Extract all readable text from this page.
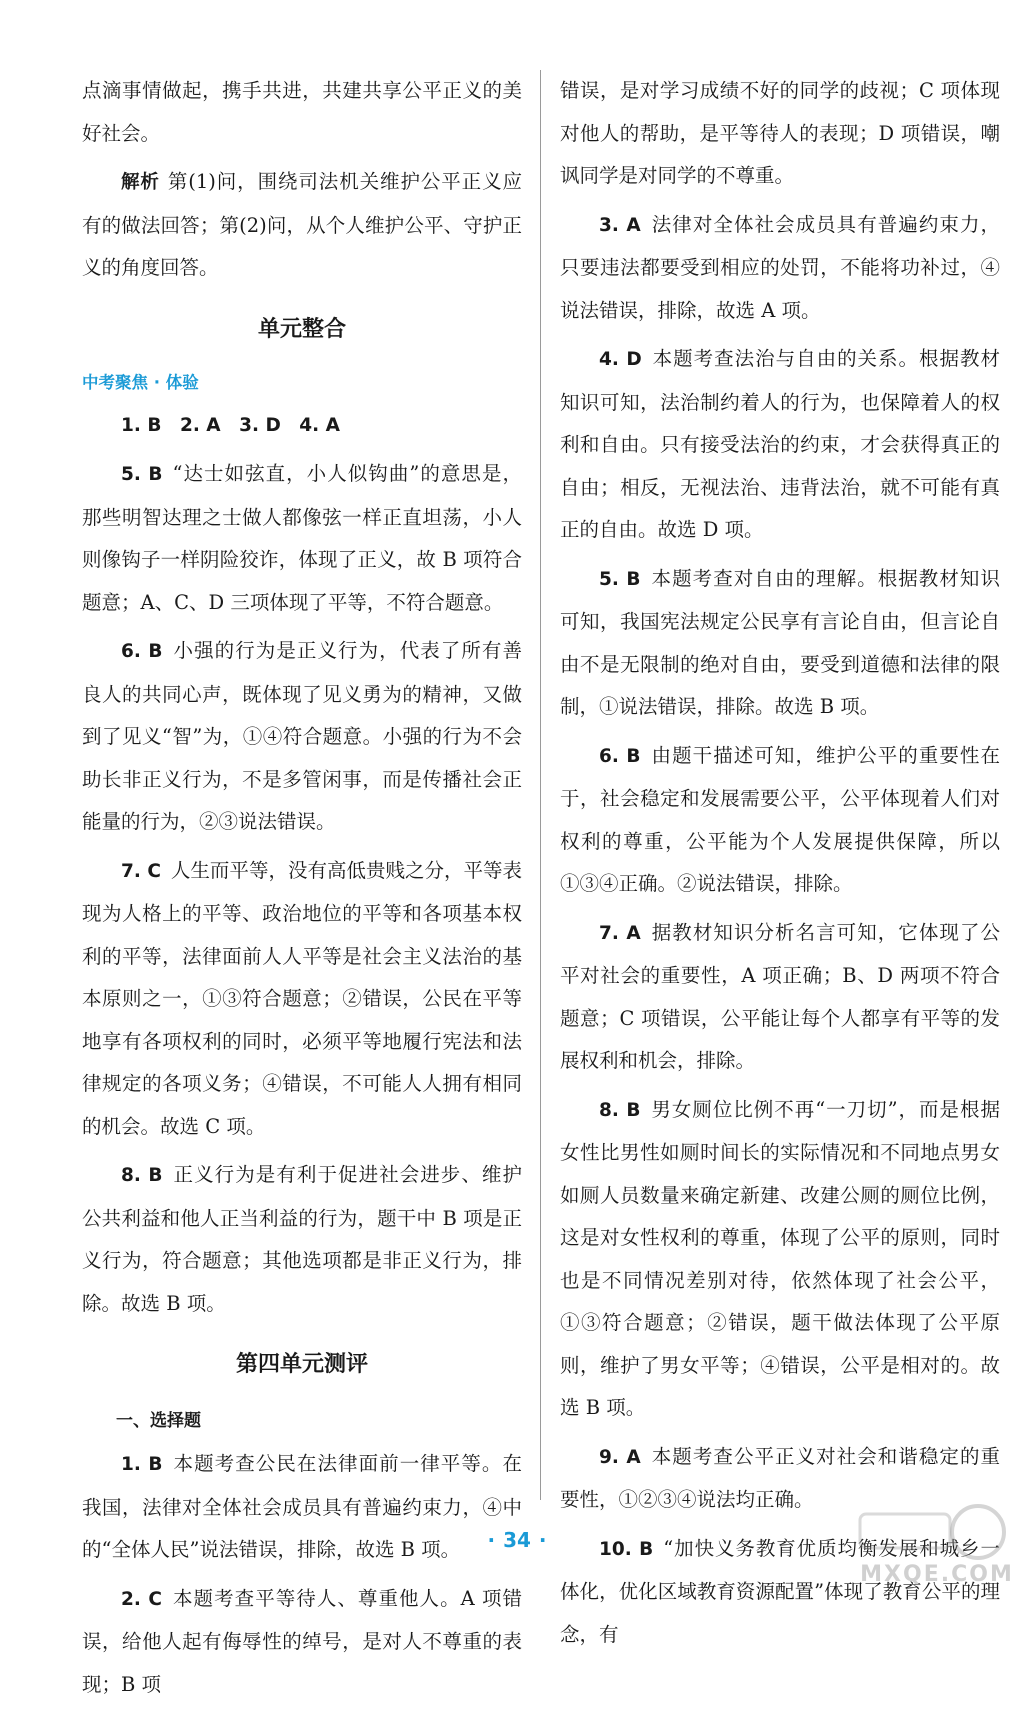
点滴事情做起，携手共进，共建共享公平正义的美好社会。

解析 第(1)问，围绕司法机关维护公平正义应有的做法回答；第(2)问，从个人维护公平、守护正义的角度回答。

单元整合
中考聚焦 · 体验

1. B　2. A　3. D　4. A

5. B “达士如弦直，小人似钩曲”的意思是，那些明智达理之士做人都像弦一样正直坦荡，小人则像钩子一样阴险狡诈，体现了正义，故 B 项符合题意；A、C、D 三项体现了平等，不符合题意。

6. B 小强的行为是正义行为，代表了所有善良人的共同心声，既体现了见义勇为的精神，又做到了见义“智”为，①④符合题意。小强的行为不会助长非正义行为，不是多管闲事，而是传播社会正能量的行为，②③说法错误。

7. C 人生而平等，没有高低贵贱之分，平等表现为人格上的平等、政治地位的平等和各项基本权利的平等，法律面前人人平等是社会主义法治的基本原则之一，①③符合题意；②错误，公民在平等地享有各项权利的同时，必须平等地履行宪法和法律规定的各项义务；④错误，不可能人人拥有相同的机会。故选 C 项。

8. B 正义行为是有利于促进社会进步、维护公共利益和他人正当利益的行为，题干中 B 项是正义行为，符合题意；其他选项都是非正义行为，排除。故选 B 项。

第四单元测评
一、选择题

1. B 本题考查公民在法律面前一律平等。在我国，法律对全体社会成员具有普遍约束力，④中的“全体人民”说法错误，排除，故选 B 项。

2. C 本题考查平等待人、尊重他人。A 项错误，给他人起有侮辱性的绰号，是对人不尊重的表现；B 项

错误，是对学习成绩不好的同学的歧视；C 项体现对他人的帮助，是平等待人的表现；D 项错误，嘲讽同学是对同学的不尊重。

3. A 法律对全体社会成员具有普遍约束力，只要违法都要受到相应的处罚，不能将功补过，④说法错误，排除，故选 A 项。

4. D 本题考查法治与自由的关系。根据教材知识可知，法治制约着人的行为，也保障着人的权利和自由。只有接受法治的约束，才会获得真正的自由；相反，无视法治、违背法治，就不可能有真正的自由。故选 D 项。

5. B 本题考查对自由的理解。根据教材知识可知，我国宪法规定公民享有言论自由，但言论自由不是无限制的绝对自由，要受到道德和法律的限制，①说法错误，排除。故选 B 项。

6. B 由题干描述可知，维护公平的重要性在于，社会稳定和发展需要公平，公平体现着人们对权利的尊重，公平能为个人发展提供保障，所以①③④正确。②说法错误，排除。

7. A 据教材知识分析名言可知，它体现了公平对社会的重要性，A 项正确；B、D 两项不符合题意；C 项错误，公平能让每个人都享有平等的发展权利和机会，排除。

8. B 男女厕位比例不再“一刀切”，而是根据女性比男性如厕时间长的实际情况和不同地点男女如厕人员数量来确定新建、改建公厕的厕位比例，这是对女性权利的尊重，体现了公平的原则，同时也是不同情况差别对待，依然体现了社会公平，①③符合题意；②错误，题干做法体现了公平原则，维护了男女平等；④错误，公平是相对的。故选 B 项。

9. A 本题考查公平正义对社会和谐稳定的重要性，①②③④说法均正确。

10. B “加快义务教育优质均衡发展和城乡一体化，优化区域教育资源配置”体现了教育公平的理念，有

· 34 ·
MXQE.COM
